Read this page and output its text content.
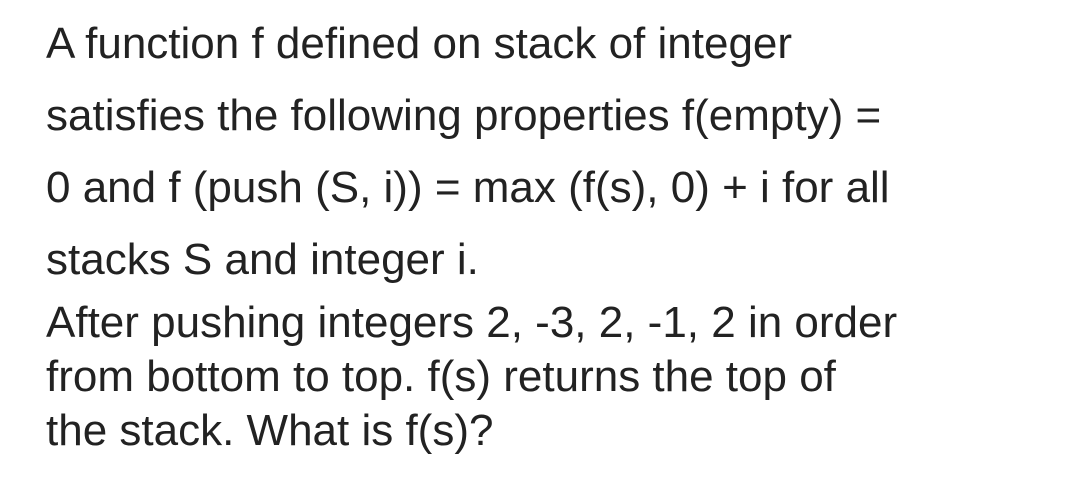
A function f defined on stack of integer

satisfies the following properties f(empty) =

0 and f (push (S, i)) = max (f(s), 0) + i for all

stacks S and integer i.

After pushing integers 2, -3, 2, -1, 2 in order

from bottom to top. f(s) returns the top of

the stack. What is f(s)?
